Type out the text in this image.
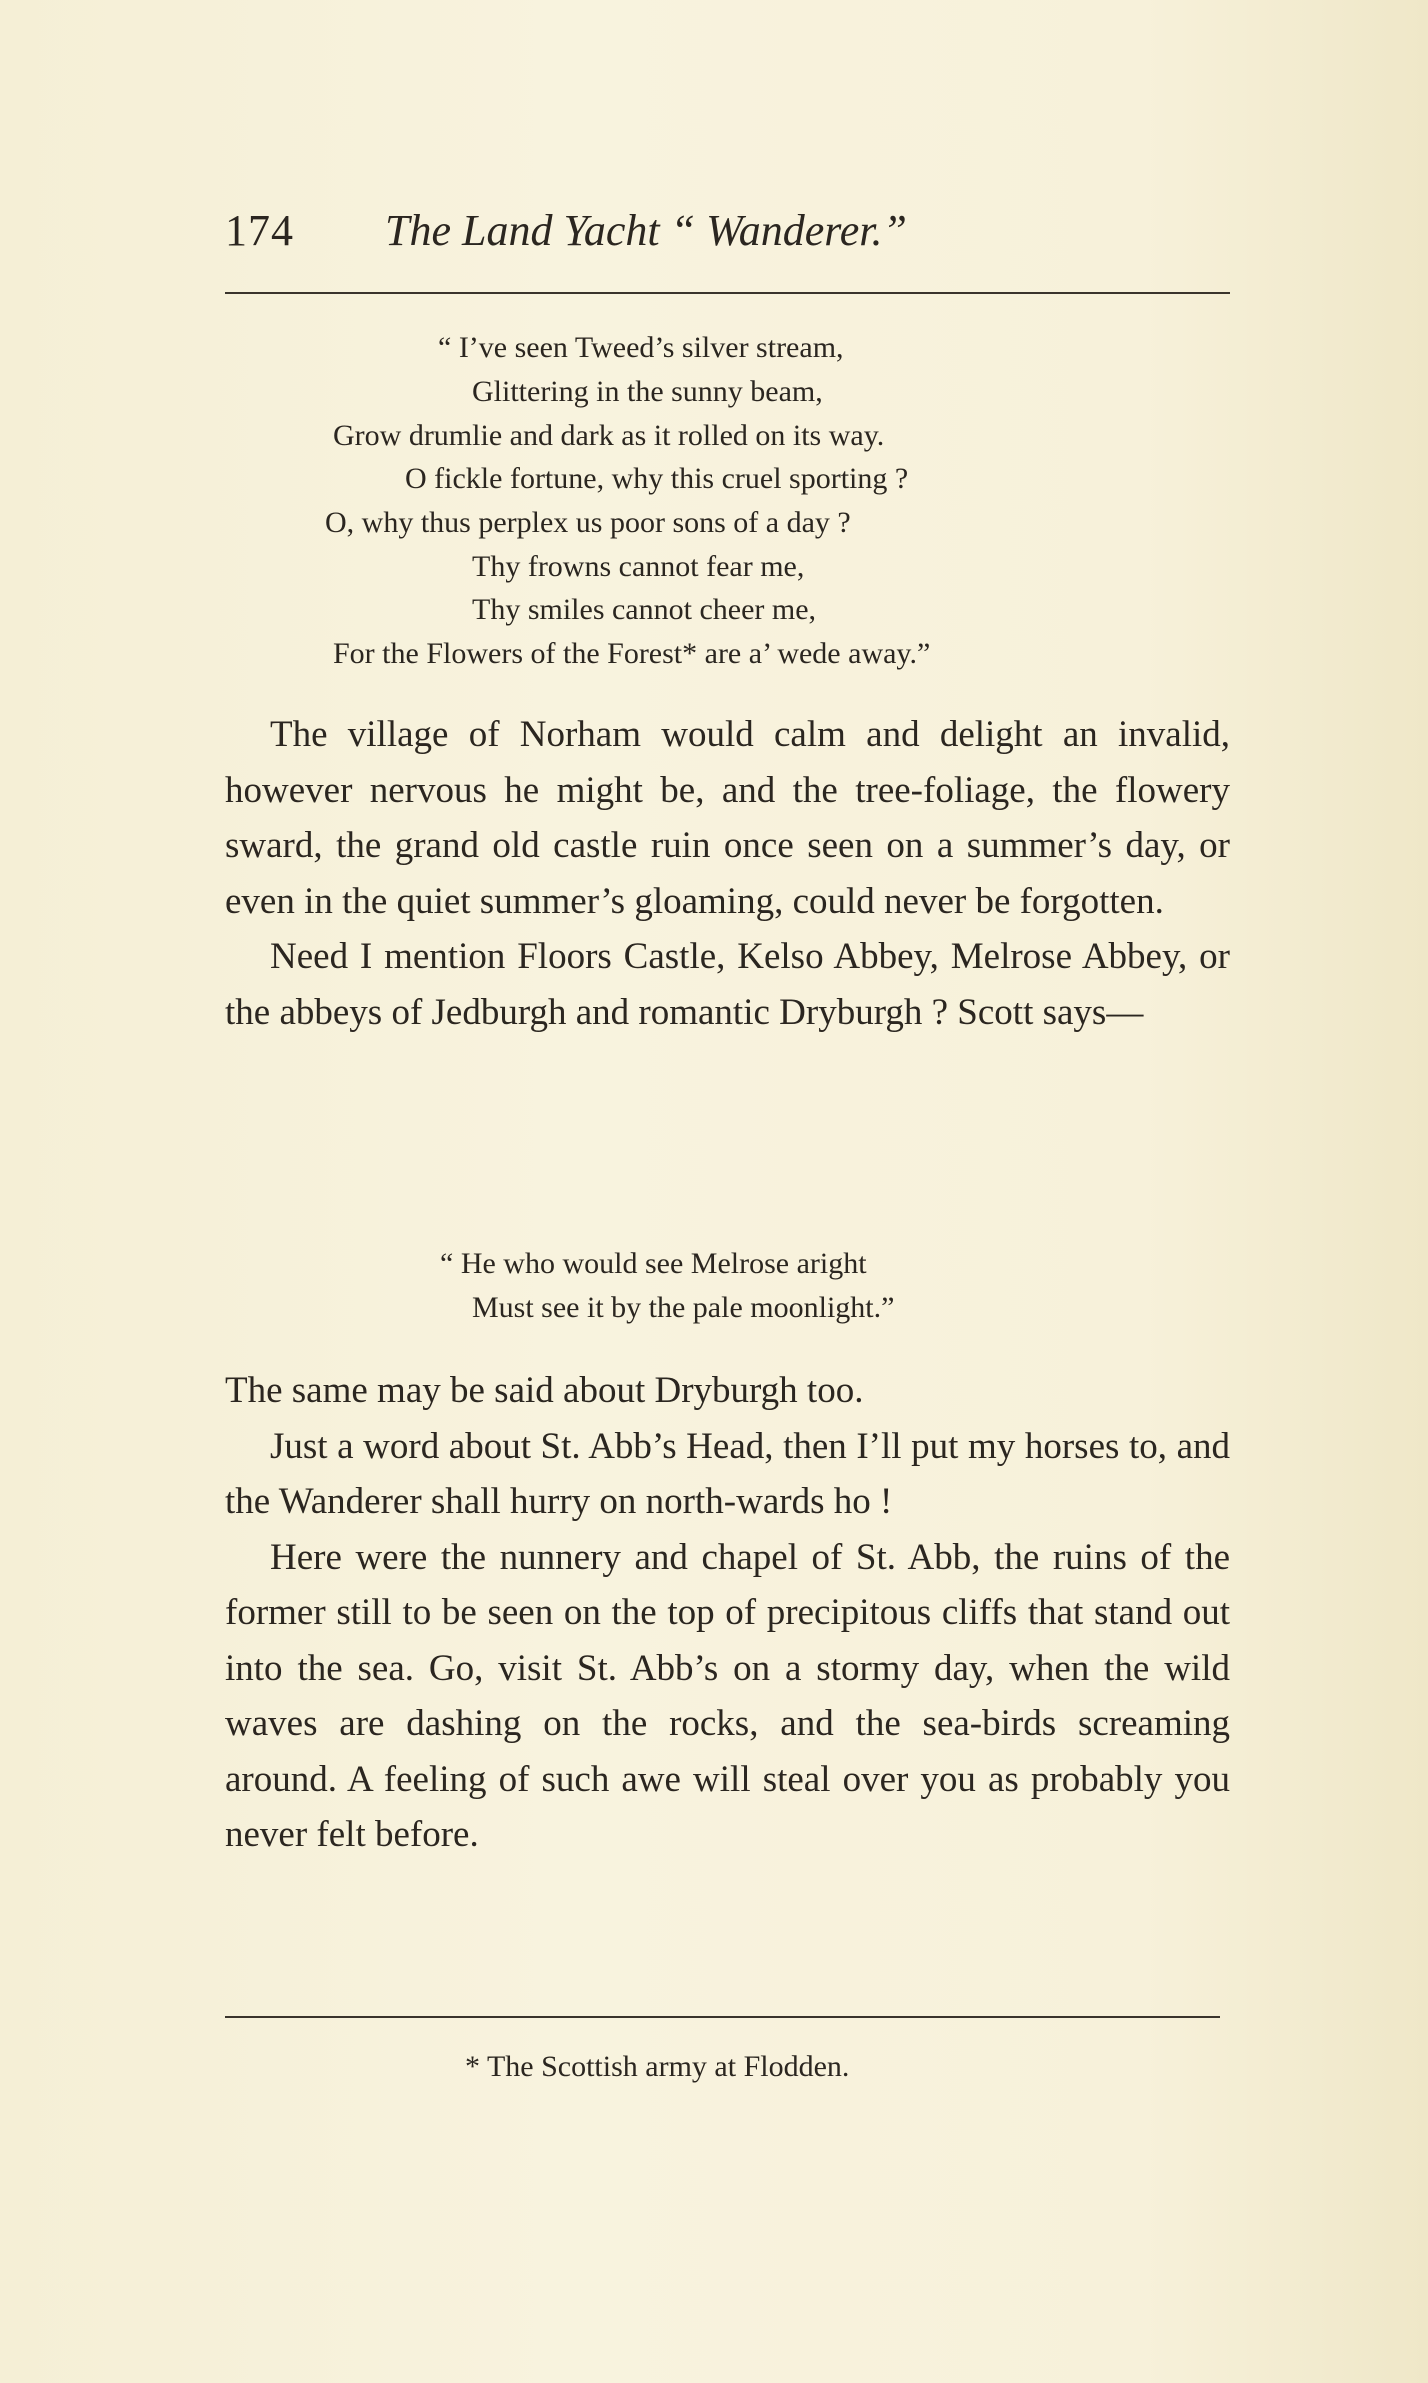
174 The Land Yacht “ Wanderer.”
“ I’ve seen Tweed’s silver stream,
Glittering in the sunny beam,
Grow drumlie and dark as it rolled on its way.
O fickle fortune, why this cruel sporting ?
O, why thus perplex us poor sons of a day ?
Thy frowns cannot fear me,
Thy smiles cannot cheer me,
For the Flowers of the Forest* are a’ wede away.”

The village of Norham would calm and delight an invalid, however nervous he might be, and the tree-foliage, the flowery sward, the grand old castle ruin once seen on a summer’s day, or even in the quiet summer’s gloaming, could never be forgotten.

Need I mention Floors Castle, Kelso Abbey, Melrose Abbey, or the abbeys of Jedburgh and romantic Dryburgh ? Scott says—

“ He who would see Melrose aright
Must see it by the pale moonlight.”

The same may be said about Dryburgh too.

Just a word about St. Abb’s Head, then I’ll put my horses to, and the Wanderer shall hurry on north-wards ho !

Here were the nunnery and chapel of St. Abb, the ruins of the former still to be seen on the top of precipitous cliffs that stand out into the sea. Go, visit St. Abb’s on a stormy day, when the wild waves are dashing on the rocks, and the sea-birds screaming around. A feeling of such awe will steal over you as probably you never felt before.

* The Scottish army at Flodden.
